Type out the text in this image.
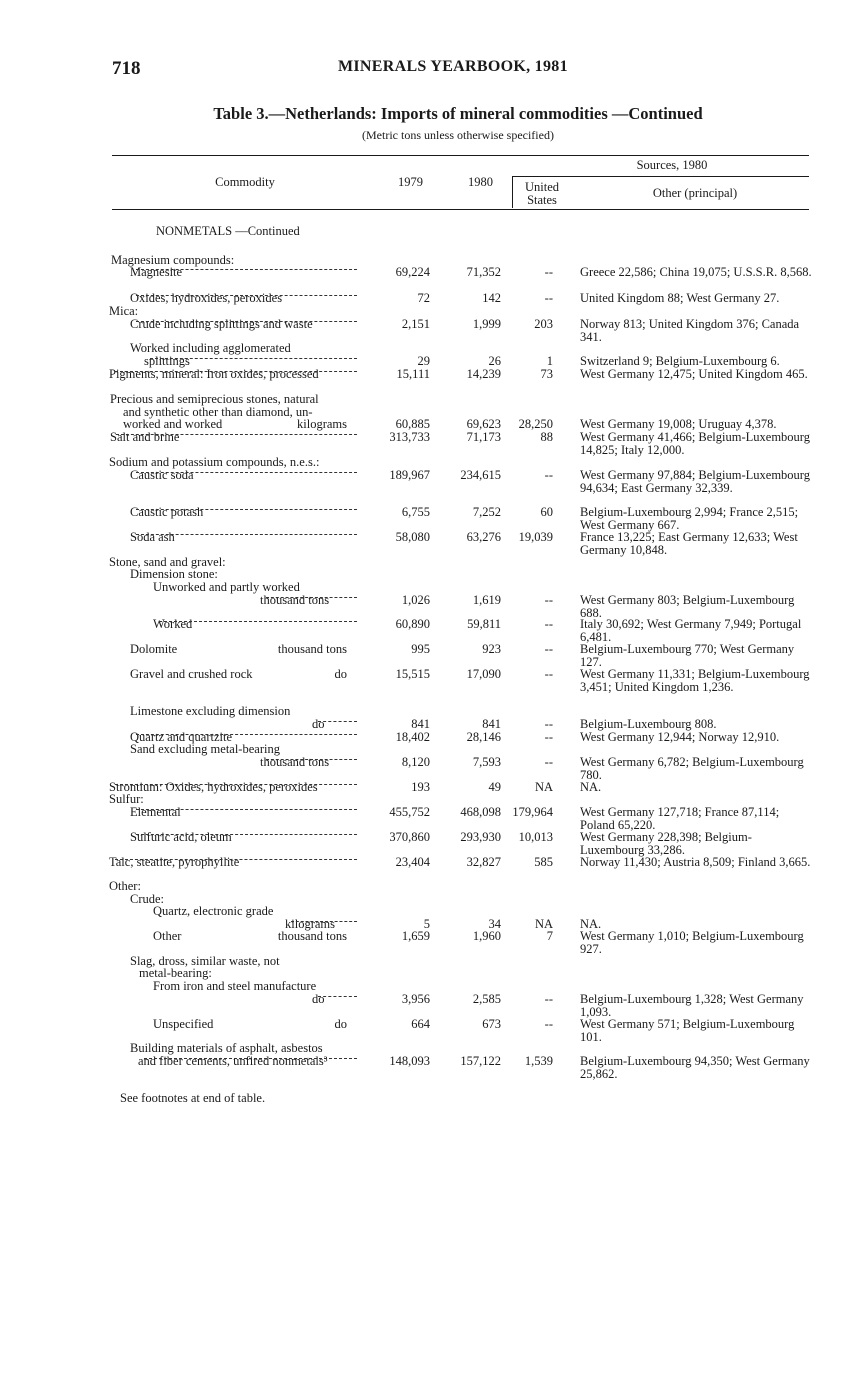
718	MINERALS YEARBOOK, 1981
Table 3.—Netherlands: Imports of mineral commodities —Continued
(Metric tons unless otherwise specified)
Commodity	1979	1980
Sources, 1980
United States	Other (principal)
NONMETALS —Continued
Magnesium compounds:
Magnesite	69,224	71,352	-- Greece 22,586; China 19,075; U.S.S.R. 8,568.
Oxides, hydroxides, peroxides	72	142	-- United Kingdom 88; West Germany 27.
Mica:
Crude including splittings and waste	2,151	1,999	203 Norway 813; United Kingdom 376; Canada 341.
Worked including agglomerated
splittings	29	26	1 Switzerland 9; Belgium-Luxembourg 6.
Pigments, mineral: Iron oxides, processed	15,111	14,239	73 West Germany 12,475; United Kingdom 465.
Precious and semiprecious stones, natural
and synthetic other than diamond, un-
worked and worked	kilograms	60,885	69,623 28,250 West Germany 19,008; Uruguay 4,378.
Salt and brine	313,733	71,173	88 West Germany 41,466; Belgium-Luxembourg 14,825; Italy 12,000.
Sodium and potassium compounds, n.e.s.:
Caustic soda	189,967 234,615	-- West Germany 97,884; Belgium-Luxembourg 94,634; East Germany 32,339.
Caustic potash	6,755	7,252	60 Belgium-Luxembourg 2,994; France 2,515; West Germany 667.
Soda ash	58,080	63,276 19,039 France 13,225; East Germany 12,633; West Germany 10,848.
Stone, sand and gravel:
Dimension stone:
Unworked and partly worked
thousand tons	1,026	1,619	-- West Germany 803; Belgium-Luxembourg 688.
Worked	60,890	59,811	-- Italy 30,692; West Germany 7,949; Portugal 6,481.
Dolomite	thousand tons	995	923	-- Belgium-Luxembourg 770; West Germany 127.
Gravel and crushed rock	do	15,515	17,090	-- West Germany 11,331; Belgium-Luxembourg 3,451; United Kingdom 1,236.
Limestone excluding dimension
do	841	841	-- Belgium-Luxembourg 808.
Quartz and quartzite	18,402	28,146	-- West Germany 12,944; Norway 12,910.
Sand excluding metal-bearing
thousand tons	8,120	7,593	-- West Germany 6,782; Belgium-Luxembourg 780.
Strontium: Oxides, hydroxides, peroxides	193	49	NA NA.
Sulfur:
Elemental	455,752 468,098 179,964 West Germany 127,718; France 87,114; Poland 65,220.
Sulfuric acid, oleum	370,860 293,930 10,013 West Germany 228,398; Belgium-Luxembourg 33,286.
Talc, steatite, pyrophyllite	23,404	32,827	585 Norway 11,430; Austria 8,509; Finland 3,665.
Other:
Crude:
Quartz, electronic grade
kilograms	5	34	NA NA.
Other	thousand tons	1,659	1,960	7 West Germany 1,010; Belgium-Luxembourg 927.
Slag, dross, similar waste, not
metal-bearing:
From iron and steel manufacture
do	3,956	2,585	-- Belgium-Luxembourg 1,328; West Germany 1,093.
Unspecified	do	664	673	-- West Germany 571; Belgium-Luxembourg 101.
Building materials of asphalt, asbestos
and fiber cements, unfired nonmetals³	148,093 157,122 1,539 Belgium-Luxembourg 94,350; West Germany 25,862.
See footnotes at end of table.
